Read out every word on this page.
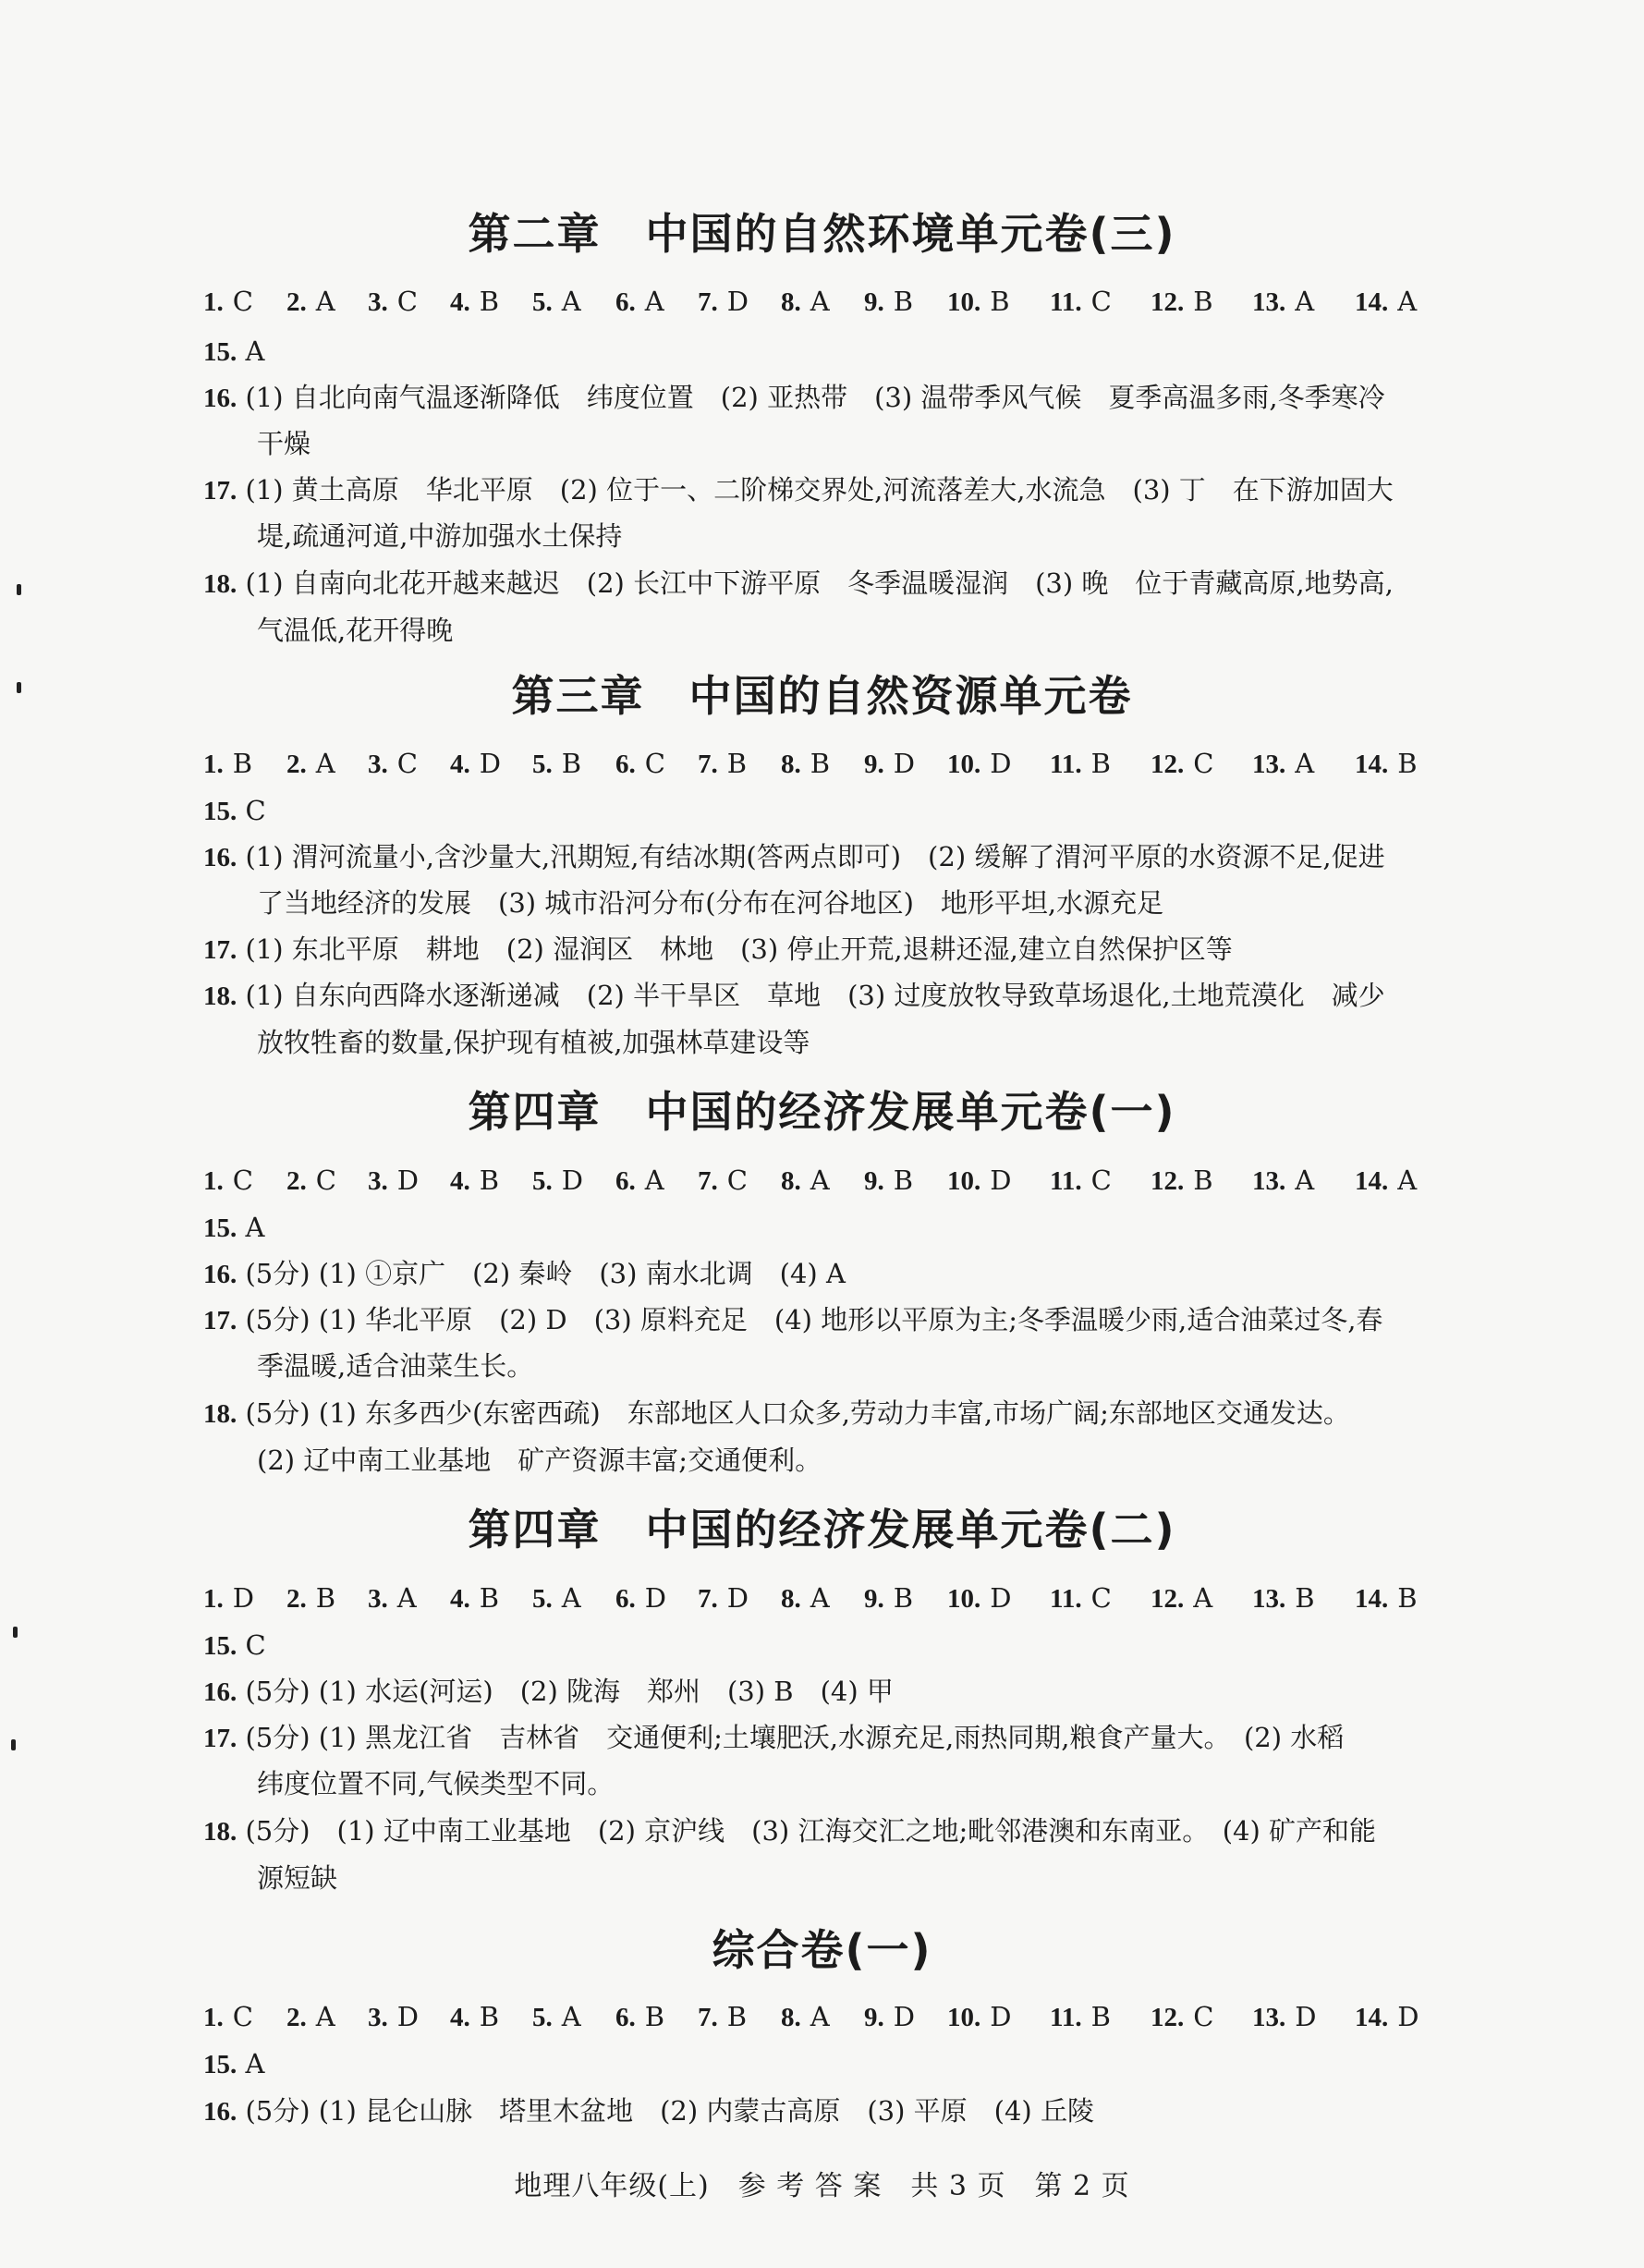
第二章　中国的自然环境单元卷(三)
1. C 2. A 3. C 4. B 5. A 6. A 7. D 8. A 9. B 10. B 11. C 12. B 13. A 14. A
15. A
16. (1) 自北向南气温逐渐降低　纬度位置　(2) 亚热带　(3) 温带季风气候　夏季高温多雨,冬季寒冷
干燥
17. (1) 黄土高原　华北平原　(2) 位于一、二阶梯交界处,河流落差大,水流急　(3) 丁　在下游加固大
堤,疏通河道,中游加强水土保持
18. (1) 自南向北花开越来越迟　(2) 长江中下游平原　冬季温暖湿润　(3) 晚　位于青藏高原,地势高,
气温低,花开得晚
第三章　中国的自然资源单元卷
1. B 2. A 3. C 4. D 5. B 6. C 7. B 8. B 9. D 10. D 11. B 12. C 13. A 14. B
15. C
16. (1) 渭河流量小,含沙量大,汛期短,有结冰期(答两点即可)　(2) 缓解了渭河平原的水资源不足,促进
了当地经济的发展　(3) 城市沿河分布(分布在河谷地区)　地形平坦,水源充足
17. (1) 东北平原　耕地　(2) 湿润区　林地　(3) 停止开荒,退耕还湿,建立自然保护区等
18. (1) 自东向西降水逐渐递减　(2) 半干旱区　草地　(3) 过度放牧导致草场退化,土地荒漠化　减少
放牧牲畜的数量,保护现有植被,加强林草建设等
第四章　中国的经济发展单元卷(一)
1. C 2. C 3. D 4. B 5. D 6. A 7. C 8. A 9. B 10. D 11. C 12. B 13. A 14. A
15. A
16. (5分) (1) ①京广　(2) 秦岭　(3) 南水北调　(4) A
17. (5分) (1) 华北平原　(2) D　(3) 原料充足　(4) 地形以平原为主;冬季温暖少雨,适合油菜过冬,春
季温暖,适合油菜生长。
18. (5分) (1) 东多西少(东密西疏)　东部地区人口众多,劳动力丰富,市场广阔;东部地区交通发达。
(2) 辽中南工业基地　矿产资源丰富;交通便利。
第四章　中国的经济发展单元卷(二)
1. D 2. B 3. A 4. B 5. A 6. D 7. D 8. A 9. B 10. D 11. C 12. A 13. B 14. B
15. C
16. (5分) (1) 水运(河运)　(2) 陇海　郑州　(3) B　(4) 甲
17. (5分) (1) 黑龙江省　吉林省　交通便利;土壤肥沃,水源充足,雨热同期,粮食产量大。　(2) 水稻
纬度位置不同,气候类型不同。
18. (5分)　(1) 辽中南工业基地　(2) 京沪线　(3) 江海交汇之地;毗邻港澳和东南亚。　(4) 矿产和能
源短缺
综合卷(一)
1. C 2. A 3. D 4. B 5. A 6. B 7. B 8. A 9. D 10. D 11. B 12. C 13. D 14. D
15. A
16. (5分) (1) 昆仑山脉　塔里木盆地　(2) 内蒙古高原　(3) 平原　(4) 丘陵
地理八年级(上)　参 考 答 案　共 3 页　第 2 页
